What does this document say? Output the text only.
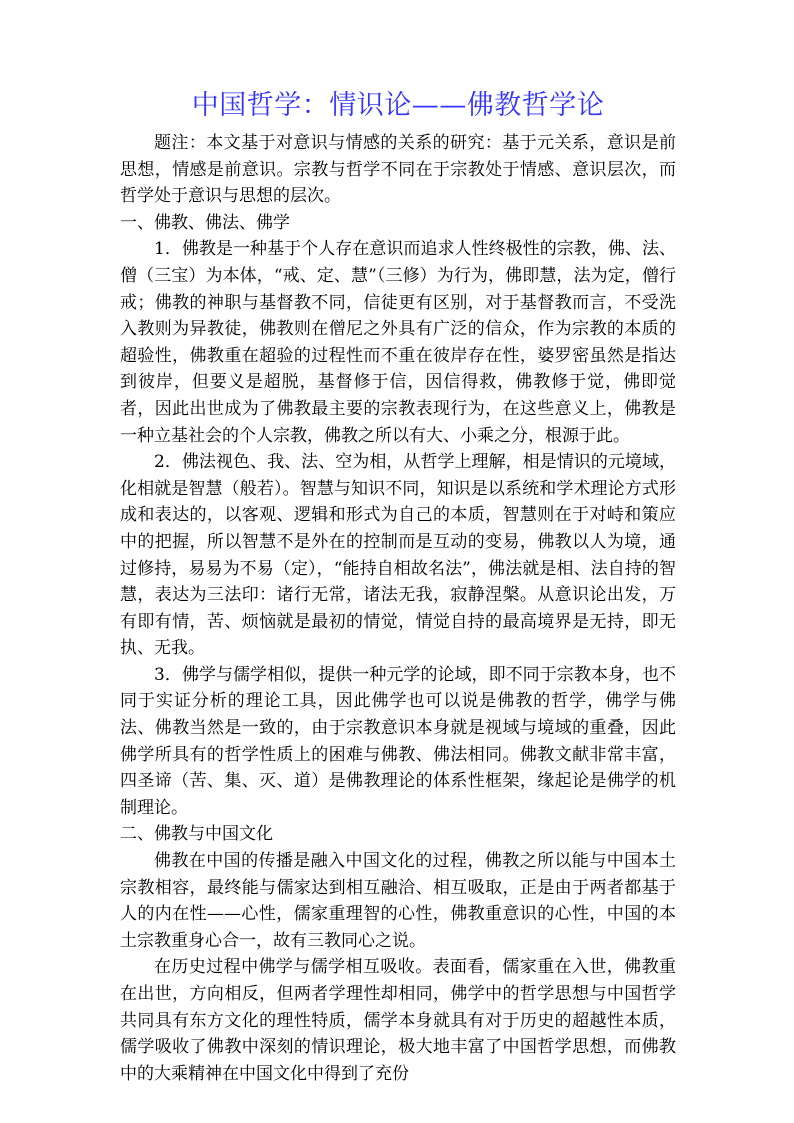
中国哲学：情识论——佛教哲学论

题注：本文基于对意识与情感的关系的研究：基于元关系，意识是前思想，情感是前意识。宗教与哲学不同在于宗教处于情感、意识层次，而哲学处于意识与思想的层次。

一、佛教、佛法、佛学

1．佛教是一种基于个人存在意识而追求人性终极性的宗教，佛、法、僧（三宝）为本体，“戒、定、慧”（三修）为行为，佛即慧，法为定，僧行戒；佛教的神职与基督教不同，信徒更有区别，对于基督教而言，不受洗入教则为异教徒，佛教则在僧尼之外具有广泛的信众，作为宗教的本质的超验性，佛教重在超验的过程性而不重在彼岸存在性，婆罗密虽然是指达到彼岸，但要义是超脱，基督修于信，因信得救，佛教修于觉，佛即觉者，因此出世成为了佛教最主要的宗教表现行为，在这些意义上，佛教是一种立基社会的个人宗教，佛教之所以有大、小乘之分，根源于此。

2．佛法视色、我、法、空为相，从哲学上理解，相是情识的元境域，化相就是智慧（般若）。智慧与知识不同，知识是以系统和学术理论方式形成和表达的，以客观、逻辑和形式为自己的本质，智慧则在于对峙和策应中的把握，所以智慧不是外在的控制而是互动的变易，佛教以人为境，通过修持，易易为不易（定），“能持自相故名法”，佛法就是相、法自持的智慧，表达为三法印：诸行无常，诸法无我，寂静涅槃。从意识论出发，万有即有情，苦、烦恼就是最初的情觉，情觉自持的最高境界是无持，即无执、无我。

3．佛学与儒学相似，提供一种元学的论域，即不同于宗教本身，也不同于实证分析的理论工具，因此佛学也可以说是佛教的哲学，佛学与佛法、佛教当然是一致的，由于宗教意识本身就是视域与境域的重叠，因此佛学所具有的哲学性质上的困难与佛教、佛法相同。佛教文献非常丰富，四圣谛（苦、集、灭、道）是佛教理论的体系性框架，缘起论是佛学的机制理论。

二、佛教与中国文化

佛教在中国的传播是融入中国文化的过程，佛教之所以能与中国本土宗教相容，最终能与儒家达到相互融洽、相互吸取，正是由于两者都基于人的内在性——心性，儒家重理智的心性，佛教重意识的心性，中国的本土宗教重身心合一，故有三教同心之说。

在历史过程中佛学与儒学相互吸收。表面看，儒家重在入世，佛教重在出世，方向相反，但两者学理性却相同，佛学中的哲学思想与中国哲学共同具有东方文化的理性特质，儒学本身就具有对于历史的超越性本质，儒学吸收了佛教中深刻的情识理论，极大地丰富了中国哲学思想，而佛教中的大乘精神在中国文化中得到了充份
